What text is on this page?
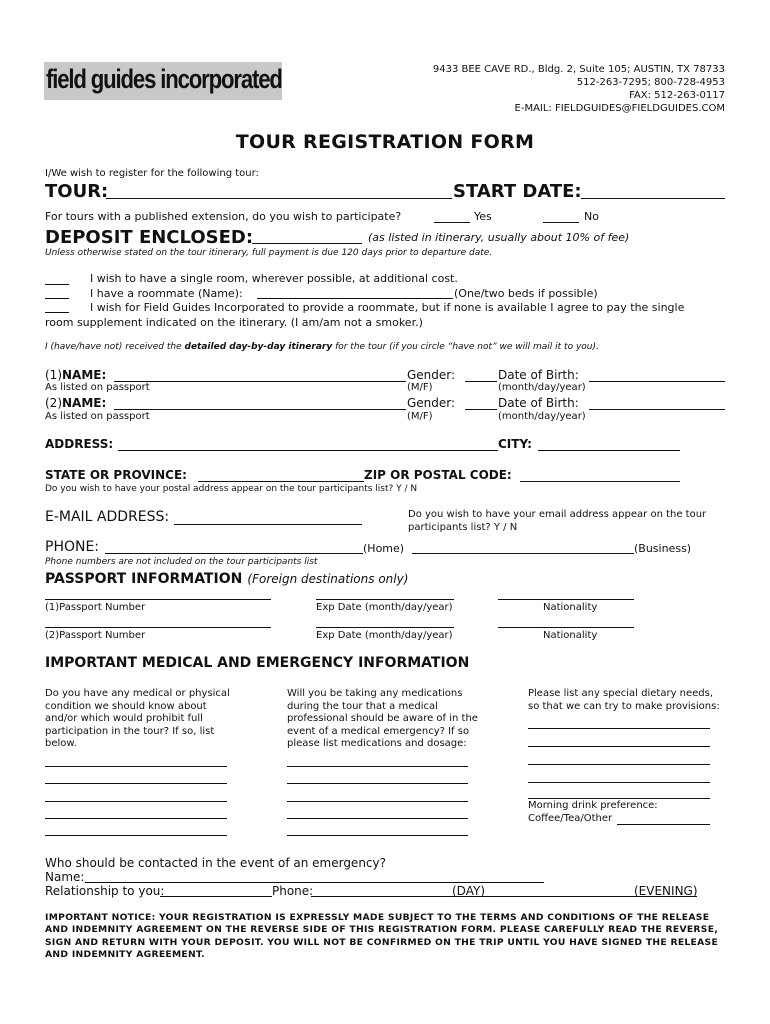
field guides incorporated	9433 BEE CAVE RD., Bldg. 2, Suite 105; AUSTIN, TX 78733
512-263-7295; 800-728-4953
FAX: 512-263-0117
E-MAIL: FIELDGUIDES@FIELDGUIDES.COM
TOUR REGISTRATION FORM
I/We wish to register for the following tour:
TOUR:	START DATE:
For tours with a published extension, do you wish to participate?	Yes	No
DEPOSIT ENCLOSED:	(as listed in itinerary, usually about 10% of fee)
Unless otherwise stated on the tour itinerary, full payment is due 120 days prior to departure date.
I wish to have a single room, wherever possible, at additional cost.
I have a roommate (Name):	(One/two beds if possible)
I wish for Field Guides Incorporated to provide a roommate, but if none is available I agree to pay the single
room supplement indicated on the itinerary. (I am/am not a smoker.)
I (have/have not) received the detailed day-by-day itinerary for the tour (if you circle “have not” we will mail it to you).
(1)NAME:	Gender:	Date of Birth:
As listed on passport	(M/F)	(month/day/year)
(2)NAME:	Gender:	Date of Birth:
As listed on passport	(M/F)	(month/day/year)
ADDRESS:	CITY:
STATE OR PROVINCE:	ZIP OR POSTAL CODE:
Do you wish to have your postal address appear on the tour participants list? Y / N
E-MAIL ADDRESS:	Do you wish to have your email address appear on the tour
participants list? Y / N
PHONE:	(Home)	(Business)
Phone numbers are not included on the tour participants list
PASSPORT INFORMATION (Foreign destinations only)
(1)Passport Number	Exp Date (month/day/year)	Nationality
(2)Passport Number	Exp Date (month/day/year)	Nationality
IMPORTANT MEDICAL AND EMERGENCY INFORMATION
Do you have any medical or physical
condition we should know about
and/or which would prohibit full
participation in the tour? If so, list
below.
Will you be taking any medications
during the tour that a medical
professional should be aware of in the
event of a medical emergency? If so
please list medications and dosage:
Please list any special dietary needs,
so that we can try to make provisions:
Morning drink preference:
Coffee/Tea/Other
Who should be contacted in the event of an emergency?
Name:
Relationship to you:	Phone:	(DAY)	(EVENING)
IMPORTANT NOTICE: YOUR REGISTRATION IS EXPRESSLY MADE SUBJECT TO THE TERMS AND CONDITIONS OF THE RELEASE AND INDEMNITY AGREEMENT ON THE REVERSE SIDE OF THIS REGISTRATION FORM. PLEASE CAREFULLY READ THE REVERSE, SIGN AND RETURN WITH YOUR DEPOSIT. YOU WILL NOT BE CONFIRMED ON THE TRIP UNTIL YOU HAVE SIGNED THE RELEASE AND INDEMNITY AGREEMENT.
